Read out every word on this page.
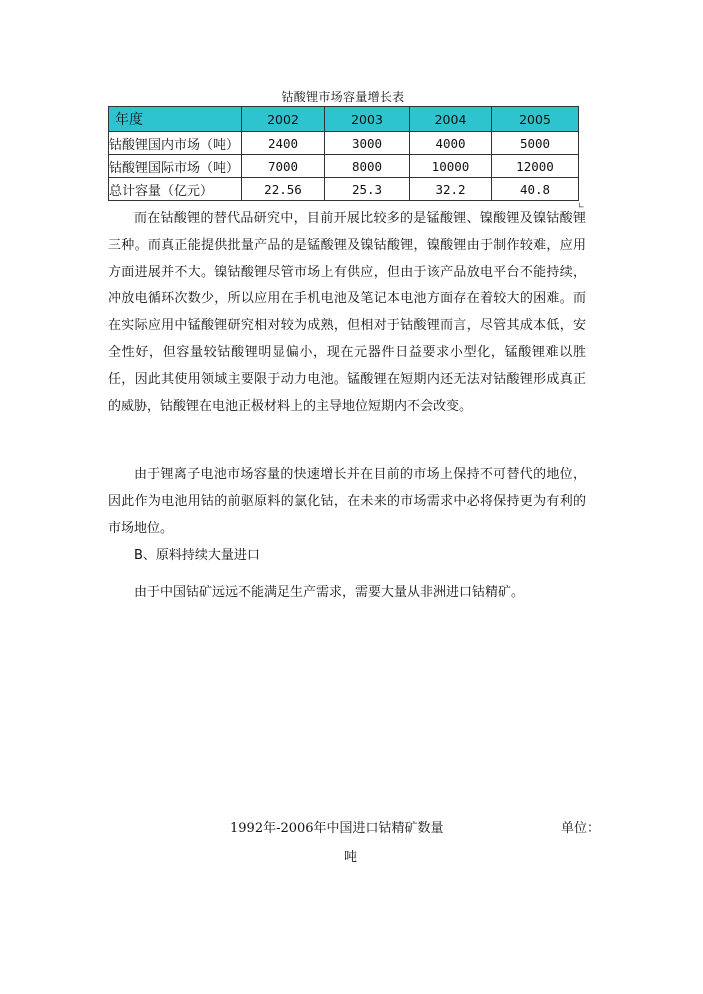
钴酸锂市场容量增长表
年度	2002	2003	2004	2005
钴酸锂国内市场（吨）	2400	3000	4000	5000
钴酸锂国际市场（吨）	7000	8000	10000	12000
总计容量（亿元）	22.56	25.3	32.2	40.8
∟

而在钴酸锂的替代品研究中，目前开展比较多的是锰酸锂、镍酸锂及镍钴酸锂三种。而真正能提供批量产品的是锰酸锂及镍钴酸锂，镍酸锂由于制作较难，应用方面进展并不大。镍钴酸锂尽管市场上有供应，但由于该产品放电平台不能持续，冲放电循环次数少，所以应用在手机电池及笔记本电池方面存在着较大的困难。而在实际应用中锰酸锂研究相对较为成熟，但相对于钴酸锂而言，尽管其成本低，安全性好，但容量较钴酸锂明显偏小，现在元器件日益要求小型化，锰酸锂难以胜任，因此其使用领域主要限于动力电池。锰酸锂在短期内还无法对钴酸锂形成真正的威胁，钴酸锂在电池正极材料上的主导地位短期内不会改变。

由于锂离子电池市场容量的快速增长并在目前的市场上保持不可替代的地位，因此作为电池用钴的前驱原料的氯化钴，在未来的市场需求中必将保持更为有利的市场地位。

B、原料持续大量进口

由于中国钴矿远远不能满足生产需求，需要大量从非洲进口钴精矿。

1992年-2006年中国进口钴精矿数量	单位：
吨
